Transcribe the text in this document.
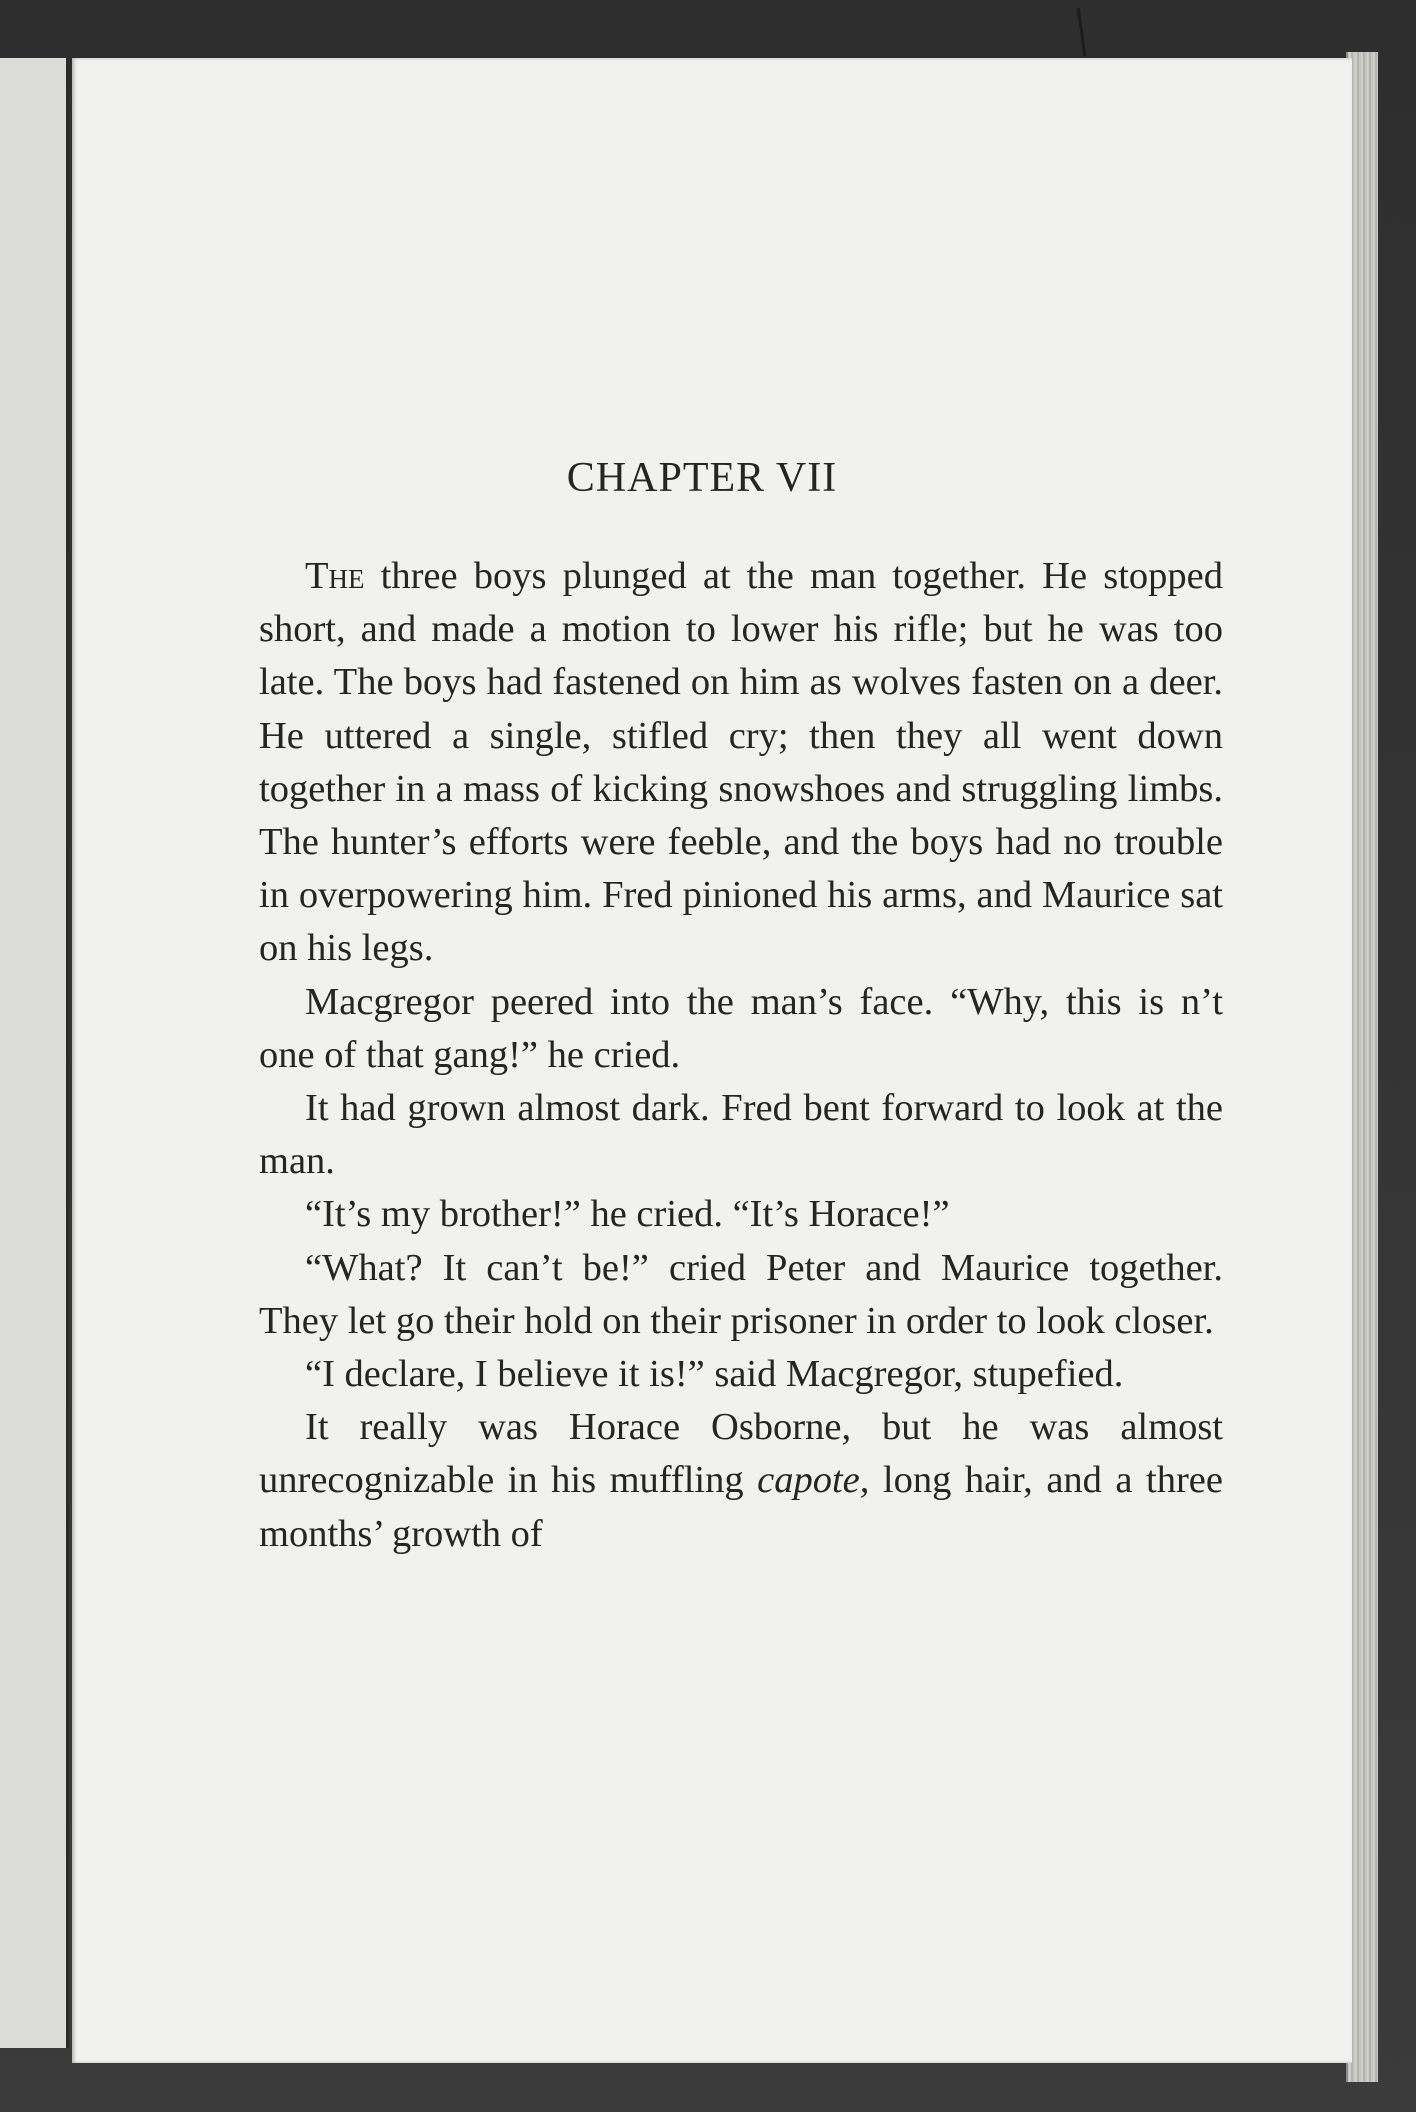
CHAPTER VII

The three boys plunged at the man together. He stopped short, and made a motion to lower his rifle; but he was too late. The boys had fastened on him as wolves fasten on a deer. He uttered a single, stifled cry; then they all went down together in a mass of kicking snowshoes and struggling limbs. The hunter’s efforts were feeble, and the boys had no trouble in overpowering him. Fred pinioned his arms, and Maurice sat on his legs.

Macgregor peered into the man’s face. “Why, this is n’t one of that gang!” he cried.

It had grown almost dark. Fred bent forward to look at the man.

“It’s my brother!” he cried. “It’s Horace!”

“What? It can’t be!” cried Peter and Maurice together. They let go their hold on their prisoner in order to look closer.

“I declare, I believe it is!” said Macgregor, stupefied.

It really was Horace Osborne, but he was almost unrecognizable in his muffling capote, long hair, and a three months’ growth of
